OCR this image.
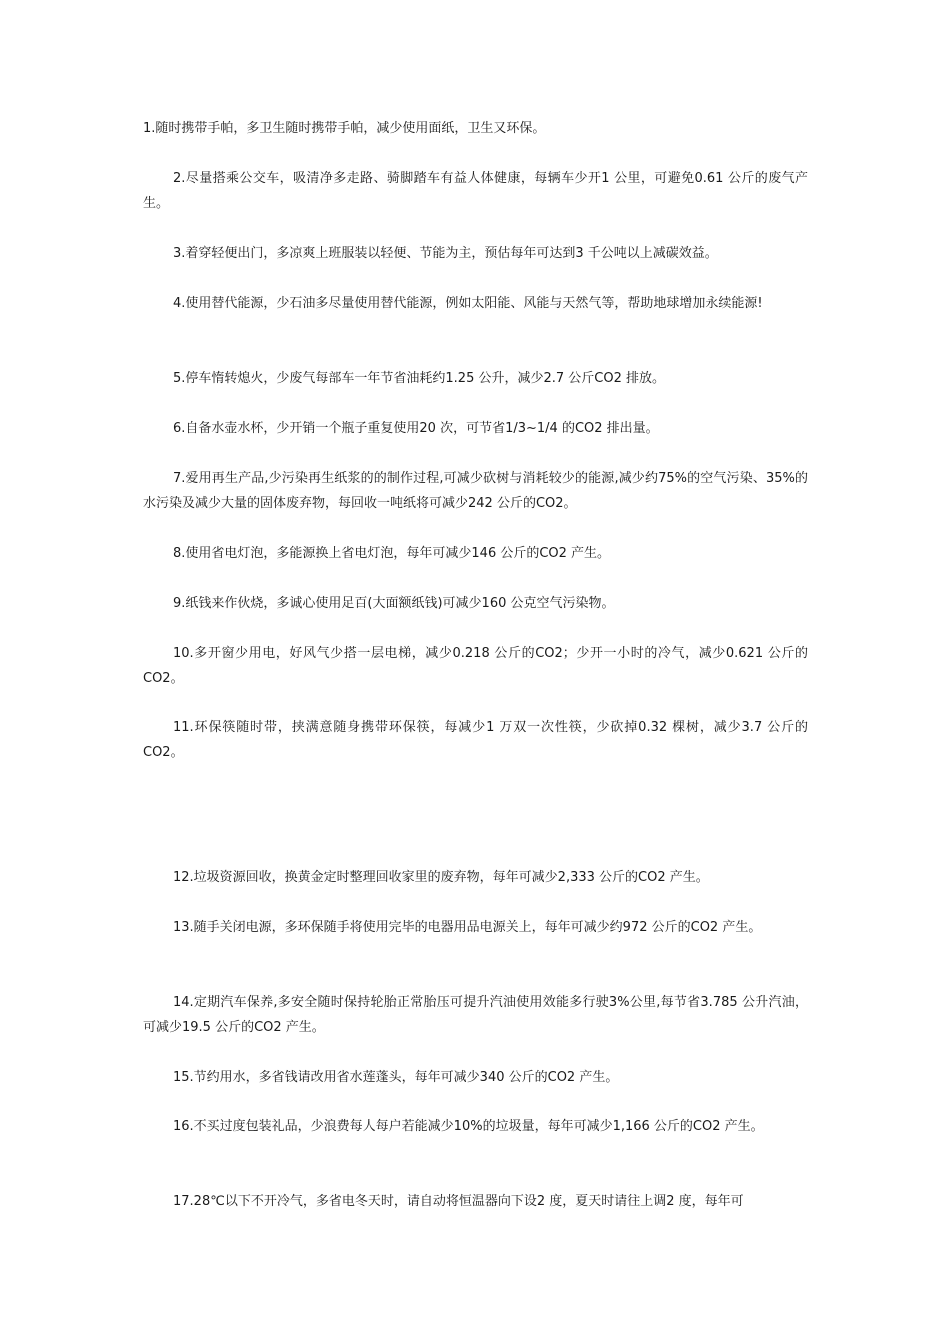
1.随时携带手帕，多卫生随时携带手帕，减少使用面纸，卫生又环保。

2.尽量搭乘公交车，吸清净多走路、骑脚踏车有益人体健康，每辆车少开1 公里，可避免0.61 公斤的废气产生。

3.着穿轻便出门，多凉爽上班服装以轻便、节能为主，预估每年可达到3 千公吨以上减碳效益。

4.使用替代能源，少石油多尽量使用替代能源，例如太阳能、风能与天然气等，帮助地球增加永续能源!

5.停车惰转熄火，少废气每部车一年节省油耗约1.25 公升，减少2.7 公斤CO2 排放。

6.自备水壶水杯，少开销一个瓶子重复使用20 次，可节省1/3~1/4 的CO2 排出量。

7.爱用再生产品,少污染再生纸浆的的制作过程,可减少砍树与消耗较少的能源,减少约75%的空气污染、35%的水污染及减少大量的固体废弃物，每回收一吨纸将可减少242 公斤的CO2。

8.使用省电灯泡，多能源换上省电灯泡，每年可减少146 公斤的CO2 产生。

9.纸钱来作伙烧，多诚心使用足百(大面额纸钱)可减少160 公克空气污染物。

10.多开窗少用电，好风气少搭一层电梯，减少0.218 公斤的CO2；少开一小时的冷气，减少0.621 公斤的CO2。

11.环保筷随时带，挟满意随身携带环保筷，每减少1 万双一次性筷，少砍掉0.32 棵树，减少3.7 公斤的CO2。

12.垃圾资源回收，换黄金定时整理回收家里的废弃物，每年可减少2,333 公斤的CO2 产生。

13.随手关闭电源，多环保随手将使用完毕的电器用品电源关上，每年可减少约972 公斤的CO2 产生。

14.定期汽车保养,多安全随时保持轮胎正常胎压可提升汽油使用效能多行驶3%公里,每节省3.785 公升汽油，可减少19.5 公斤的CO2 产生。

15.节约用水，多省钱请改用省水莲蓬头，每年可减少340 公斤的CO2 产生。

16.不买过度包装礼品，少浪费每人每户若能减少10%的垃圾量，每年可减少1,166 公斤的CO2 产生。

17.28℃以下不开冷气，多省电冬天时，请自动将恒温器向下设2 度，夏天时请往上调2 度，每年可
